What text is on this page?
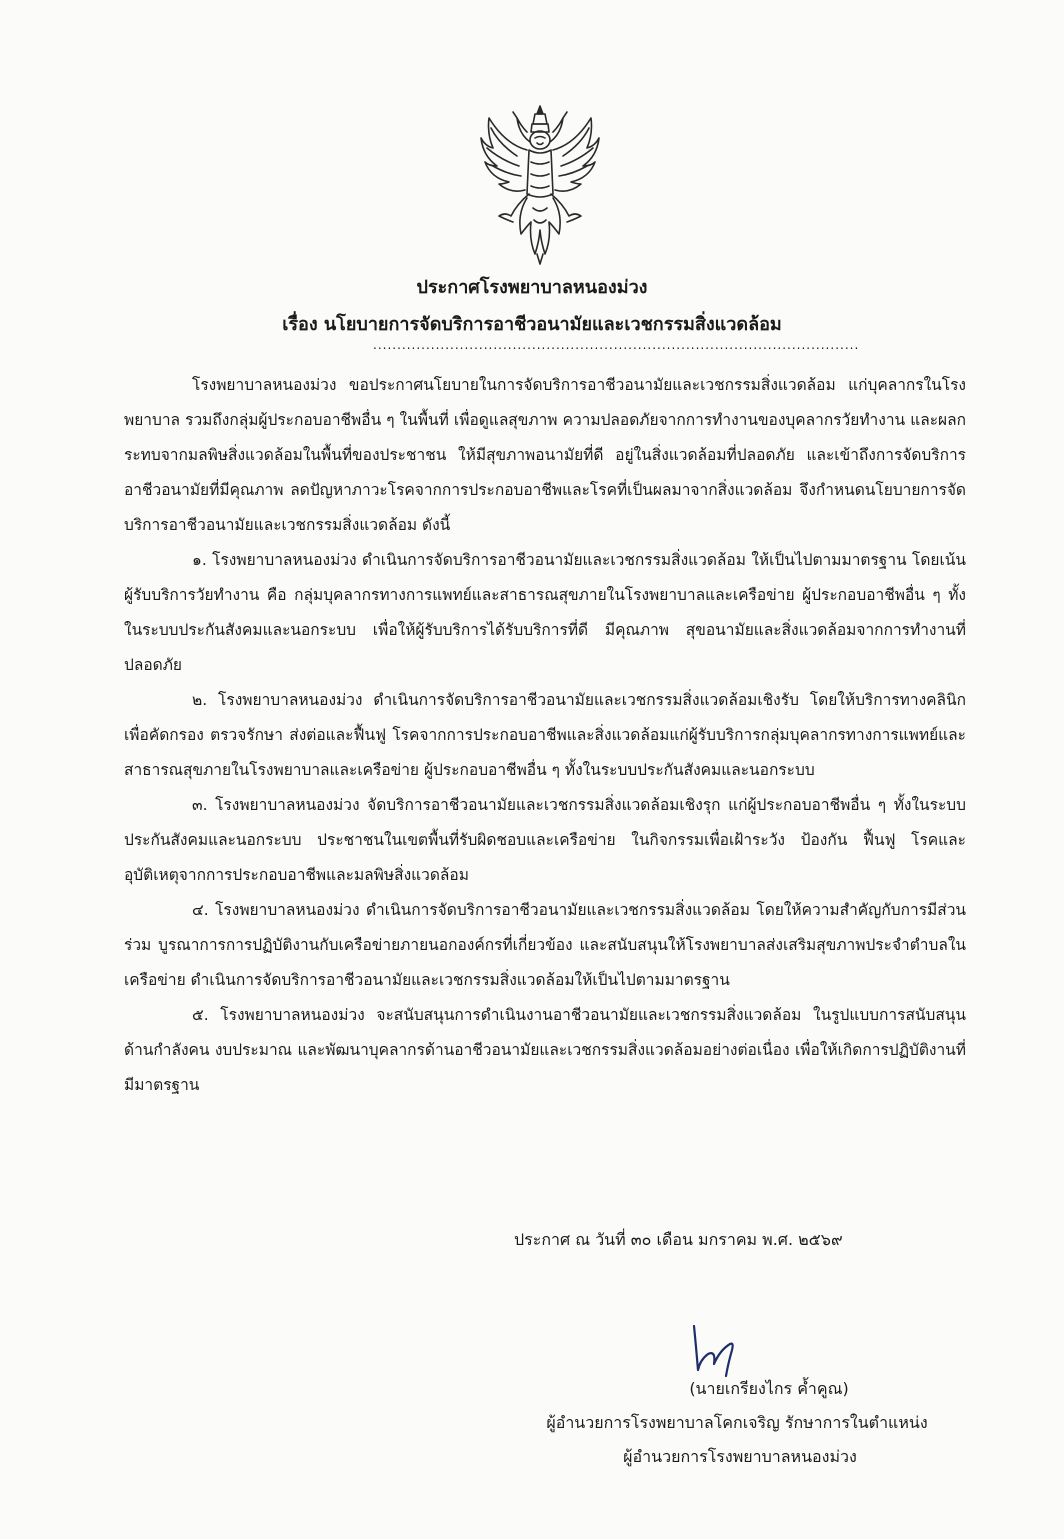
ประกาศโรงพยาบาลหนองม่วง
เรื่อง นโยบายการจัดบริการอาชีวอนามัยและเวชกรรมสิ่งแวดล้อม
.....................................................................................................

โรงพยาบาลหนองม่วง ขอประกาศนโยบายในการจัดบริการอาชีวอนามัยและเวชกรรมสิ่งแวดล้อม แก่บุคลากรในโรงพยาบาล รวมถึงกลุ่มผู้ประกอบอาชีพอื่น ๆ ในพื้นที่ เพื่อดูแลสุขภาพ ความปลอดภัยจากการทำงานของบุคลากรวัยทำงาน และผลกระทบจากมลพิษสิ่งแวดล้อมในพื้นที่ของประชาชน ให้มีสุขภาพอนามัยที่ดี อยู่ในสิ่งแวดล้อมที่ปลอดภัย และเข้าถึงการจัดบริการอาชีวอนามัยที่มีคุณภาพ ลดปัญหาภาวะโรคจากการประกอบอาชีพและโรคที่เป็นผลมาจากสิ่งแวดล้อม จึงกำหนดนโยบายการจัดบริการอาชีวอนามัยและเวชกรรมสิ่งแวดล้อม ดังนี้

๑. โรงพยาบาลหนองม่วง ดำเนินการจัดบริการอาชีวอนามัยและเวชกรรมสิ่งแวดล้อม ให้เป็นไปตามมาตรฐาน โดยเน้นผู้รับบริการวัยทำงาน คือ กลุ่มบุคลากรทางการแพทย์และสาธารณสุขภายในโรงพยาบาลและเครือข่าย ผู้ประกอบอาชีพอื่น ๆ ทั้งในระบบประกันสังคมและนอกระบบ เพื่อให้ผู้รับบริการได้รับบริการที่ดี มีคุณภาพ สุขอนามัยและสิ่งแวดล้อมจากการทำงานที่ปลอดภัย

๒. โรงพยาบาลหนองม่วง ดำเนินการจัดบริการอาชีวอนามัยและเวชกรรมสิ่งแวดล้อมเชิงรับ โดยให้บริการทางคลินิก เพื่อคัดกรอง ตรวจรักษา ส่งต่อและฟื้นฟู โรคจากการประกอบอาชีพและสิ่งแวดล้อมแก่ผู้รับบริการกลุ่มบุคลากรทางการแพทย์และสาธารณสุขภายในโรงพยาบาลและเครือข่าย ผู้ประกอบอาชีพอื่น ๆ ทั้งในระบบประกันสังคมและนอกระบบ

๓. โรงพยาบาลหนองม่วง จัดบริการอาชีวอนามัยและเวชกรรมสิ่งแวดล้อมเชิงรุก แก่ผู้ประกอบอาชีพอื่น ๆ ทั้งในระบบประกันสังคมและนอกระบบ ประชาชนในเขตพื้นที่รับผิดชอบและเครือข่าย ในกิจกรรมเพื่อเฝ้าระวัง ป้องกัน ฟื้นฟู โรคและอุบัติเหตุจากการประกอบอาชีพและมลพิษสิ่งแวดล้อม

๔. โรงพยาบาลหนองม่วง ดำเนินการจัดบริการอาชีวอนามัยและเวชกรรมสิ่งแวดล้อม โดยให้ความสำคัญกับการมีส่วนร่วม บูรณาการการปฏิบัติงานกับเครือข่ายภายนอกองค์กรที่เกี่ยวข้อง และสนับสนุนให้โรงพยาบาลส่งเสริมสุขภาพประจำตำบลในเครือข่าย ดำเนินการจัดบริการอาชีวอนามัยและเวชกรรมสิ่งแวดล้อมให้เป็นไปตามมาตรฐาน

๕. โรงพยาบาลหนองม่วง จะสนับสนุนการดำเนินงานอาชีวอนามัยและเวชกรรมสิ่งแวดล้อม ในรูปแบบการสนับสนุนด้านกำลังคน งบประมาณ และพัฒนาบุคลากรด้านอาชีวอนามัยและเวชกรรมสิ่งแวดล้อมอย่างต่อเนื่อง เพื่อให้เกิดการปฏิบัติงานที่มีมาตรฐาน

ประกาศ ณ วันที่ ๓๐ เดือน มกราคม พ.ศ. ๒๕๖๙
(นายเกรียงไกร ค้ำคูณ)
ผู้อำนวยการโรงพยาบาลโคกเจริญ รักษาการในตำแหน่ง
ผู้อำนวยการโรงพยาบาลหนองม่วง
